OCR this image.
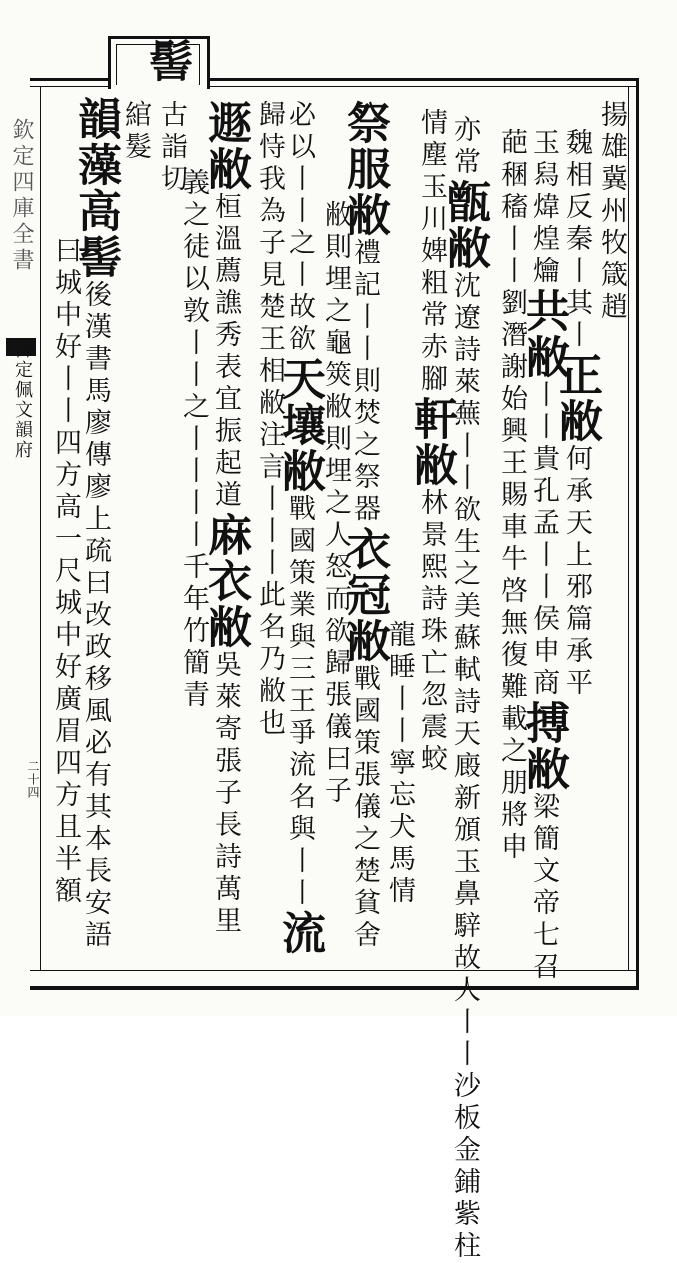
欽定四庫全書
御定佩文韻府
二十四
髻
揚雄冀州牧箴趙
魏相反秦丨其丨正敝何承天上邪篇承平
玉舄煒煌爚共敝丨丨貴孔孟丨丨侯申商搏敝梁簡文帝七召
葩稛稸丨丨劉潛謝始興王賜車牛啓無復難載之朋將申
亦常甑敝沈遼詩萊蕪丨丨欲生之美蘇軾詩天廄新頒玉鼻騂故人丨丨沙板金鋪紫柱
情塵玉川婢粗常赤腳軒敝林景熙詩珠亡忽震蛟
龍睡丨丨寧忘犬馬情
祭服敝禮記丨丨則焚之祭器衣冠敝戰國策張儀之楚貧舍
敝則埋之龜筴敝則埋之人怒而欲歸張儀曰子
必以丨丨之丨故欲天壤敝戰國策業與三王爭流名與丨丨流
歸恃我為子見楚王相敝注言丨丨丨此名乃敝也
遯敝桓溫薦譙秀表宜振起道麻衣敝吳萊寄張子長詩萬里
義之徒以敦丨丨之丨丨丨丨千年竹簡青
古詣切
綰髮
韻藻高髻後漢書馬廖傳廖上疏曰改政移風必有其本長安語
曰城中好丨丨四方高一尺城中好廣眉四方且半額
